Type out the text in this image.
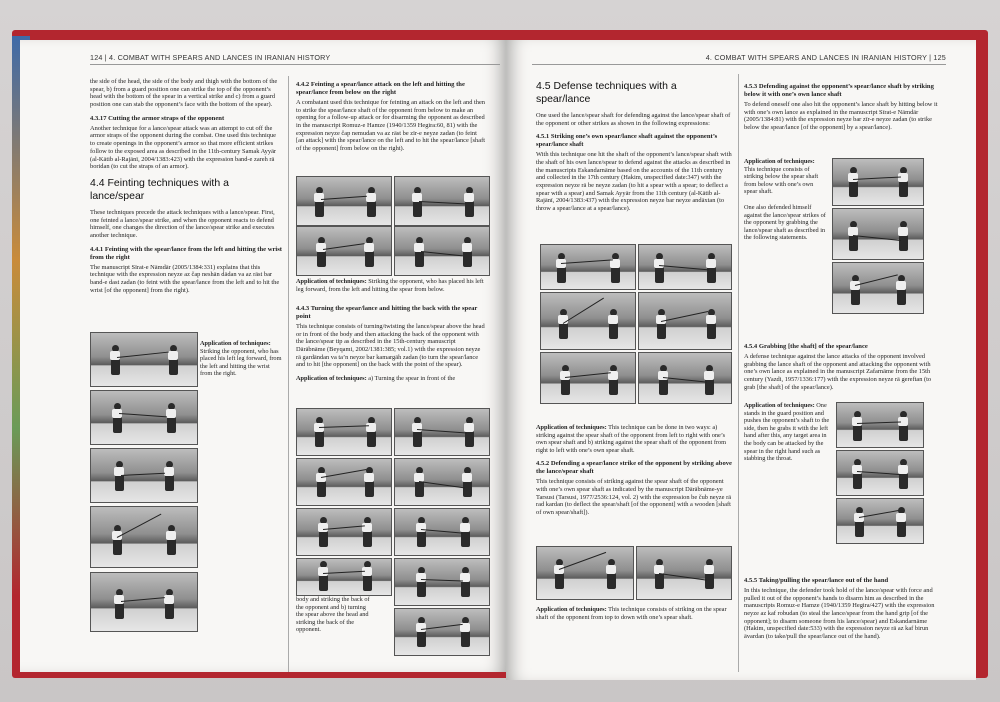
124 | 4. COMBAT WITH SPEARS AND LANCES IN IRANIAN HISTORY

the side of the head, the side of the body and thigh with the bottom of the spear, b) from a guard position one can strike the top of the opponent’s head with the bottom of the spear in a vertical strike and c) from a guard position one can stab the opponent’s face with the bottom of the spear).

4.3.17 Cutting the armor straps of the opponent

Another technique for a lance/spear attack was an attempt to cut off the armor straps of the opponent during the combat. One used this technique to create openings in the opponent’s armor so that more efficient strikes follow to the exposed area as described in the 11th-century Samak Ayyār (al-Kātib al-Rajānī, 2004/1383:423) with the expression band-e zareh rā boridan (to cut the straps of an armor).

4.4 Feinting techniques with a lance/spear

These techniques precede the attack techniques with a lance/spear. First, one feinted a lance/spear strike, and when the opponent reacts to defend himself, one changes the direction of the lance/spear strike and executes another technique.

4.4.1 Feinting with the spear/lance from the left and hitting the wrist from the right

The manuscript Sīrat-e Nāmdār (2005/1384:331) explains that this technique with the expression neyze az čap neshān dādan va az rāst bar band-e dast zadan (to feint with the spear/lance from the left and to hit the wrist [of the opponent] from the right).

Application of techniques: Striking the opponent, who has placed his left leg forward, from the left and hitting the wrist from the right.
4.4.2 Feinting a spear/lance attack on the left and hitting the spear/lance from below on the right

A combatant used this technique for feinting an attack on the left and then to strike the spear/lance shaft of the opponent from below to make an opening for a follow-up attack or for disarming the opponent as described in the manuscript Romuz-e Hamze (1940/1359 Hegira:60, 81) with the expression neyze čap nemudan va az rāst be zīr-e neyze zadan (to feint [an attack] with the spear/lance on the left and to hit the spear/lance [shaft of the opponent] from below on the right).

Application of techniques: Striking the opponent, who has placed his left leg forward, from the left and hitting the spear from below.
4.4.3 Turning the spear/lance and hitting the back with the spear point

This technique consists of turning/twisting the lance/spear above the head or in front of the body and then attacking the back of the opponent with the lance/spear tip as described in the 15th-century manuscript Dārābnāme (Beyqami, 2002/1381:385; vol.1) with the expression neyze rā gardāndan va ta’n neyze bar kamargāh zadan (to turn the spear/lance and to hit [the opponent] on the back with the point of the spear).

Application of techniques: a) Turning the spear in front of the
body and striking the back of the opponent and b) turning the spear above the head and striking the back of the opponent.
4. COMBAT WITH SPEARS AND LANCES IN IRANIAN HISTORY | 125
4.5 Defense techniques with a spear/lance

One used the lance/spear shaft for defending against the lance/spear shaft of the opponent or other strikes as shown in the following expressions:

4.5.1 Striking one’s own spear/lance shaft against the opponent’s spear/lance shaft

With this technique one hit the shaft of the opponent’s lance/spear shaft with the shaft of his own lance/spear to defend against the attacks as described in the manuscripts Eskandarnāme based on the accounts of the 11th century and collected in the 17th century (Hakim, unspecified date:347) with the expression neyze rā be neyze zadan (to hit a spear with a spear; to deflect a spear with a spear) and Samak Ayyār from the 11th century (al-Kātib al-Rajānī, 2004/1383:437) with the expression neyze bar neyze andāxtan (to throw a spear/lance at a spear/lance).

Application of techniques: This technique can be done in two ways: a) striking against the spear shaft of the opponent from left to right with one’s own spear shaft and b) striking against the spear shaft of the opponent from right to left with one’s own spear shaft.
4.5.2 Defending a spear/lance strike of the opponent by striking above the lance/spear shaft

This technique consists of striking against the spear shaft of the opponent with one’s own spear shaft as indicated by the manuscript Dārābnāme-ye Tarsusi (Tarsusi, 1977/2536:124, vol. 2) with the expression be čub neyze rā rad kardan (to deflect the spear/shaft [of the opponent] with a wooden [shaft of own spear/shaft]).

Application of techniques: This technique consists of striking on the spear shaft of the opponent from top to down with one’s spear shaft.
4.5.3 Defending against the opponent’s spear/lance shaft by striking below it with one’s own lance shaft

To defend oneself one also hit the opponent’s lance shaft by hitting below it with one’s own lance as explained in the manuscript Sīrat-e Nāmdār (2005/1384:81) with the expression neyze bar zīr-e neyze zadan (to strike below the spear/lance [of the opponent] by a spear/lance).

Application of techniques: This technique consists of striking below the spear shaft from below with one’s own spear shaft.
One also defended himself against the lance/spear strikes of the opponent by grabbing the lance/spear shaft as described in the following statements.
4.5.4 Grabbing [the shaft] of the spear/lance

A defense technique against the lance attacks of the opponent involved grabbing the lance shaft of the opponent and attacking the opponent with one’s own lance as explained in the manuscript Zafarnāme from the 15th century (Yazdi, 1957/1336:177) with the expression neyze rā gereftan (to grab [the shaft] of the spear/lance).

Application of techniques: One stands in the guard position and pushes the opponent’s shaft to the side, then he grabs it with the left hand after this, any target area in the body can be attacked by the spear in the right hand such as stabbing the throat.
4.5.5 Taking/pulling the spear/lance out of the hand

In this technique, the defender took hold of the lance/spear with force and pulled it out of the opponent’s hands to disarm him as described in the manuscripts Romuz-e Hamze (1940/1359 Hegira/427) with the expression neyze az kaf robudan (to steal the lance/spear from the hand grip [of the opponent]; to disarm someone from his lance/spear) and Eskandarnāme (Hakim, unspecified date:533) with the expression neyze rā az kaf birun āvardan (to take/pull the spear/lance out of the hand).
